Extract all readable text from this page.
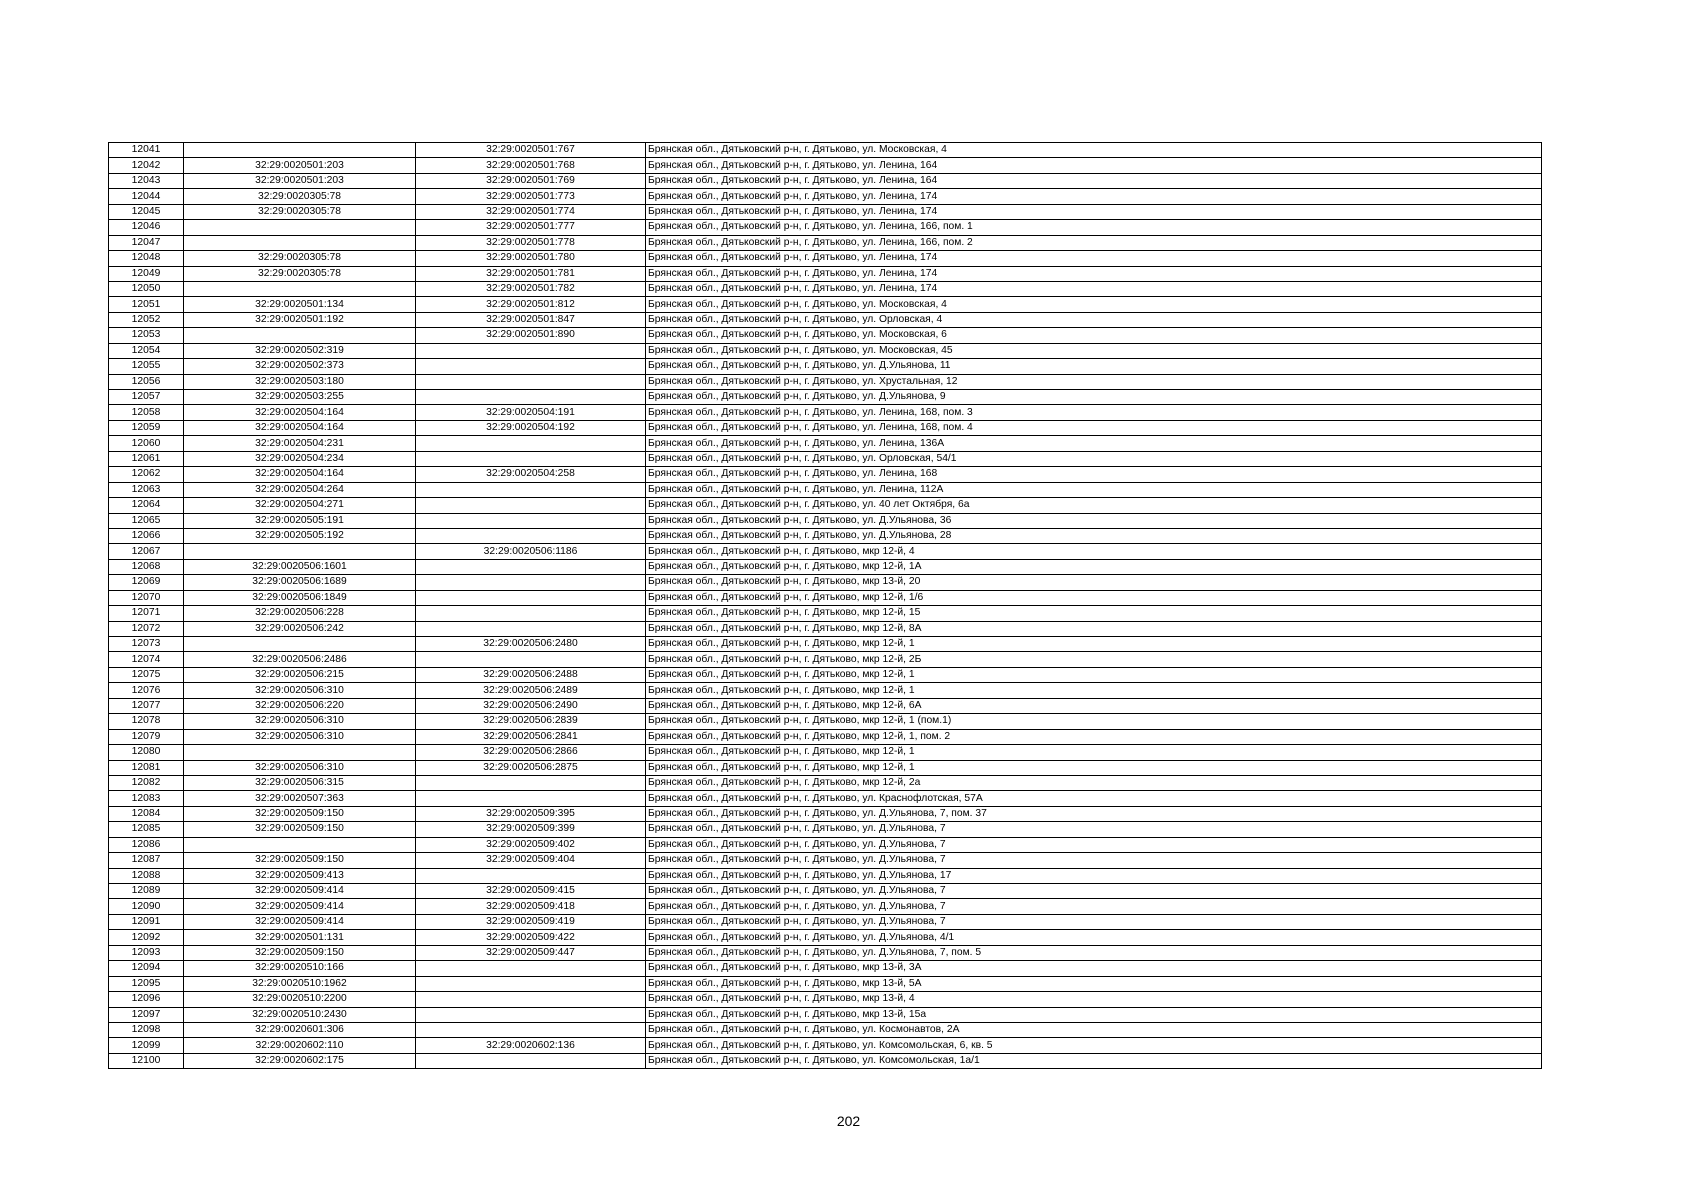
12041		32:29:0020501:767	Брянская обл., Дятьковский р-н, г. Дятьково, ул. Московская, 4
12042	32:29:0020501:203	32:29:0020501:768	Брянская обл., Дятьковский р-н, г. Дятьково, ул. Ленина, 164
12043	32:29:0020501:203	32:29:0020501:769	Брянская обл., Дятьковский р-н, г. Дятьково, ул. Ленина, 164
12044	32:29:0020305:78	32:29:0020501:773	Брянская обл., Дятьковский р-н, г. Дятьково, ул. Ленина, 174
12045	32:29:0020305:78	32:29:0020501:774	Брянская обл., Дятьковский р-н, г. Дятьково, ул. Ленина, 174
12046		32:29:0020501:777	Брянская обл., Дятьковский р-н, г. Дятьково, ул. Ленина, 166, пом. 1
12047		32:29:0020501:778	Брянская обл., Дятьковский р-н, г. Дятьково, ул. Ленина, 166, пом. 2
12048	32:29:0020305:78	32:29:0020501:780	Брянская обл., Дятьковский р-н, г. Дятьково, ул. Ленина, 174
12049	32:29:0020305:78	32:29:0020501:781	Брянская обл., Дятьковский р-н, г. Дятьково, ул. Ленина, 174
12050		32:29:0020501:782	Брянская обл., Дятьковский р-н, г. Дятьково, ул. Ленина, 174
12051	32:29:0020501:134	32:29:0020501:812	Брянская обл., Дятьковский р-н, г. Дятьково, ул. Московская, 4
12052	32:29:0020501:192	32:29:0020501:847	Брянская обл., Дятьковский р-н, г. Дятьково, ул. Орловская, 4
12053		32:29:0020501:890	Брянская обл., Дятьковский р-н, г. Дятьково, ул. Московская, 6
12054	32:29:0020502:319		Брянская обл., Дятьковский р-н, г. Дятьково, ул. Московская, 45
12055	32:29:0020502:373		Брянская обл., Дятьковский р-н, г. Дятьково, ул. Д.Ульянова, 11
12056	32:29:0020503:180		Брянская обл., Дятьковский р-н, г. Дятьково, ул. Хрустальная, 12
12057	32:29:0020503:255		Брянская обл., Дятьковский р-н, г. Дятьково, ул. Д.Ульянова, 9
12058	32:29:0020504:164	32:29:0020504:191	Брянская обл., Дятьковский р-н, г. Дятьково, ул. Ленина, 168, пом. 3
12059	32:29:0020504:164	32:29:0020504:192	Брянская обл., Дятьковский р-н, г. Дятьково, ул. Ленина, 168, пом. 4
12060	32:29:0020504:231		Брянская обл., Дятьковский р-н, г. Дятьково, ул. Ленина, 136А
12061	32:29:0020504:234		Брянская обл., Дятьковский р-н, г. Дятьково, ул. Орловская, 54/1
12062	32:29:0020504:164	32:29:0020504:258	Брянская обл., Дятьковский р-н, г. Дятьково, ул. Ленина, 168
12063	32:29:0020504:264		Брянская обл., Дятьковский р-н, г. Дятьково, ул. Ленина, 112А
12064	32:29:0020504:271		Брянская обл., Дятьковский р-н, г. Дятьково, ул. 40 лет Октября, 6а
12065	32:29:0020505:191		Брянская обл., Дятьковский р-н, г. Дятьково, ул. Д.Ульянова, 36
12066	32:29:0020505:192		Брянская обл., Дятьковский р-н, г. Дятьково, ул. Д.Ульянова, 28
12067		32:29:0020506:1186	Брянская обл., Дятьковский р-н, г. Дятьково, мкр 12-й, 4
12068	32:29:0020506:1601		Брянская обл., Дятьковский р-н, г. Дятьково, мкр 12-й, 1А
12069	32:29:0020506:1689		Брянская обл., Дятьковский р-н, г. Дятьково, мкр 13-й, 20
12070	32:29:0020506:1849		Брянская обл., Дятьковский р-н, г. Дятьково, мкр 12-й, 1/6
12071	32:29:0020506:228		Брянская обл., Дятьковский р-н, г. Дятьково, мкр 12-й, 15
12072	32:29:0020506:242		Брянская обл., Дятьковский р-н, г. Дятьково, мкр 12-й, 8А
12073		32:29:0020506:2480	Брянская обл., Дятьковский р-н, г. Дятьково, мкр 12-й, 1
12074	32:29:0020506:2486		Брянская обл., Дятьковский р-н, г. Дятьково, мкр 12-й, 2Б
12075	32:29:0020506:215	32:29:0020506:2488	Брянская обл., Дятьковский р-н, г. Дятьково, мкр 12-й, 1
12076	32:29:0020506:310	32:29:0020506:2489	Брянская обл., Дятьковский р-н, г. Дятьково, мкр 12-й, 1
12077	32:29:0020506:220	32:29:0020506:2490	Брянская обл., Дятьковский р-н, г. Дятьково, мкр 12-й, 6А
12078	32:29:0020506:310	32:29:0020506:2839	Брянская обл., Дятьковский р-н, г. Дятьково, мкр 12-й, 1 (пом.1)
12079	32:29:0020506:310	32:29:0020506:2841	Брянская обл., Дятьковский р-н, г. Дятьково, мкр 12-й, 1, пом. 2
12080		32:29:0020506:2866	Брянская обл., Дятьковский р-н, г. Дятьково, мкр 12-й, 1
12081	32:29:0020506:310	32:29:0020506:2875	Брянская обл., Дятьковский р-н, г. Дятьково, мкр 12-й, 1
12082	32:29:0020506:315		Брянская обл., Дятьковский р-н, г. Дятьково, мкр 12-й, 2а
12083	32:29:0020507:363		Брянская обл., Дятьковский р-н, г. Дятьково, ул. Краснофлотская, 57А
12084	32:29:0020509:150	32:29:0020509:395	Брянская обл., Дятьковский р-н, г. Дятьково, ул. Д.Ульянова, 7, пом. 37
12085	32:29:0020509:150	32:29:0020509:399	Брянская обл., Дятьковский р-н, г. Дятьково, ул. Д.Ульянова, 7
12086		32:29:0020509:402	Брянская обл., Дятьковский р-н, г. Дятьково, ул. Д.Ульянова, 7
12087	32:29:0020509:150	32:29:0020509:404	Брянская обл., Дятьковский р-н, г. Дятьково, ул. Д.Ульянова, 7
12088	32:29:0020509:413		Брянская обл., Дятьковский р-н, г. Дятьково, ул. Д.Ульянова, 17
12089	32:29:0020509:414	32:29:0020509:415	Брянская обл., Дятьковский р-н, г. Дятьково, ул. Д.Ульянова, 7
12090	32:29:0020509:414	32:29:0020509:418	Брянская обл., Дятьковский р-н, г. Дятьково, ул. Д.Ульянова, 7
12091	32:29:0020509:414	32:29:0020509:419	Брянская обл., Дятьковский р-н, г. Дятьково, ул. Д.Ульянова, 7
12092	32:29:0020501:131	32:29:0020509:422	Брянская обл., Дятьковский р-н, г. Дятьково, ул. Д.Ульянова, 4/1
12093	32:29:0020509:150	32:29:0020509:447	Брянская обл., Дятьковский р-н, г. Дятьково, ул. Д.Ульянова, 7, пом. 5
12094	32:29:0020510:166		Брянская обл., Дятьковский р-н, г. Дятьково, мкр 13-й, 3А
12095	32:29:0020510:1962		Брянская обл., Дятьковский р-н, г. Дятьково, мкр 13-й, 5А
12096	32:29:0020510:2200		Брянская обл., Дятьковский р-н, г. Дятьково, мкр 13-й, 4
12097	32:29:0020510:2430		Брянская обл., Дятьковский р-н, г. Дятьково, мкр 13-й, 15а
12098	32:29:0020601:306		Брянская обл., Дятьковский р-н, г. Дятьково, ул. Космонавтов, 2А
12099	32:29:0020602:110	32:29:0020602:136	Брянская обл., Дятьковский р-н, г. Дятьково, ул. Комсомольская, 6, кв. 5
12100	32:29:0020602:175		Брянская обл., Дятьковский р-н, г. Дятьково, ул. Комсомольская, 1а/1
202
